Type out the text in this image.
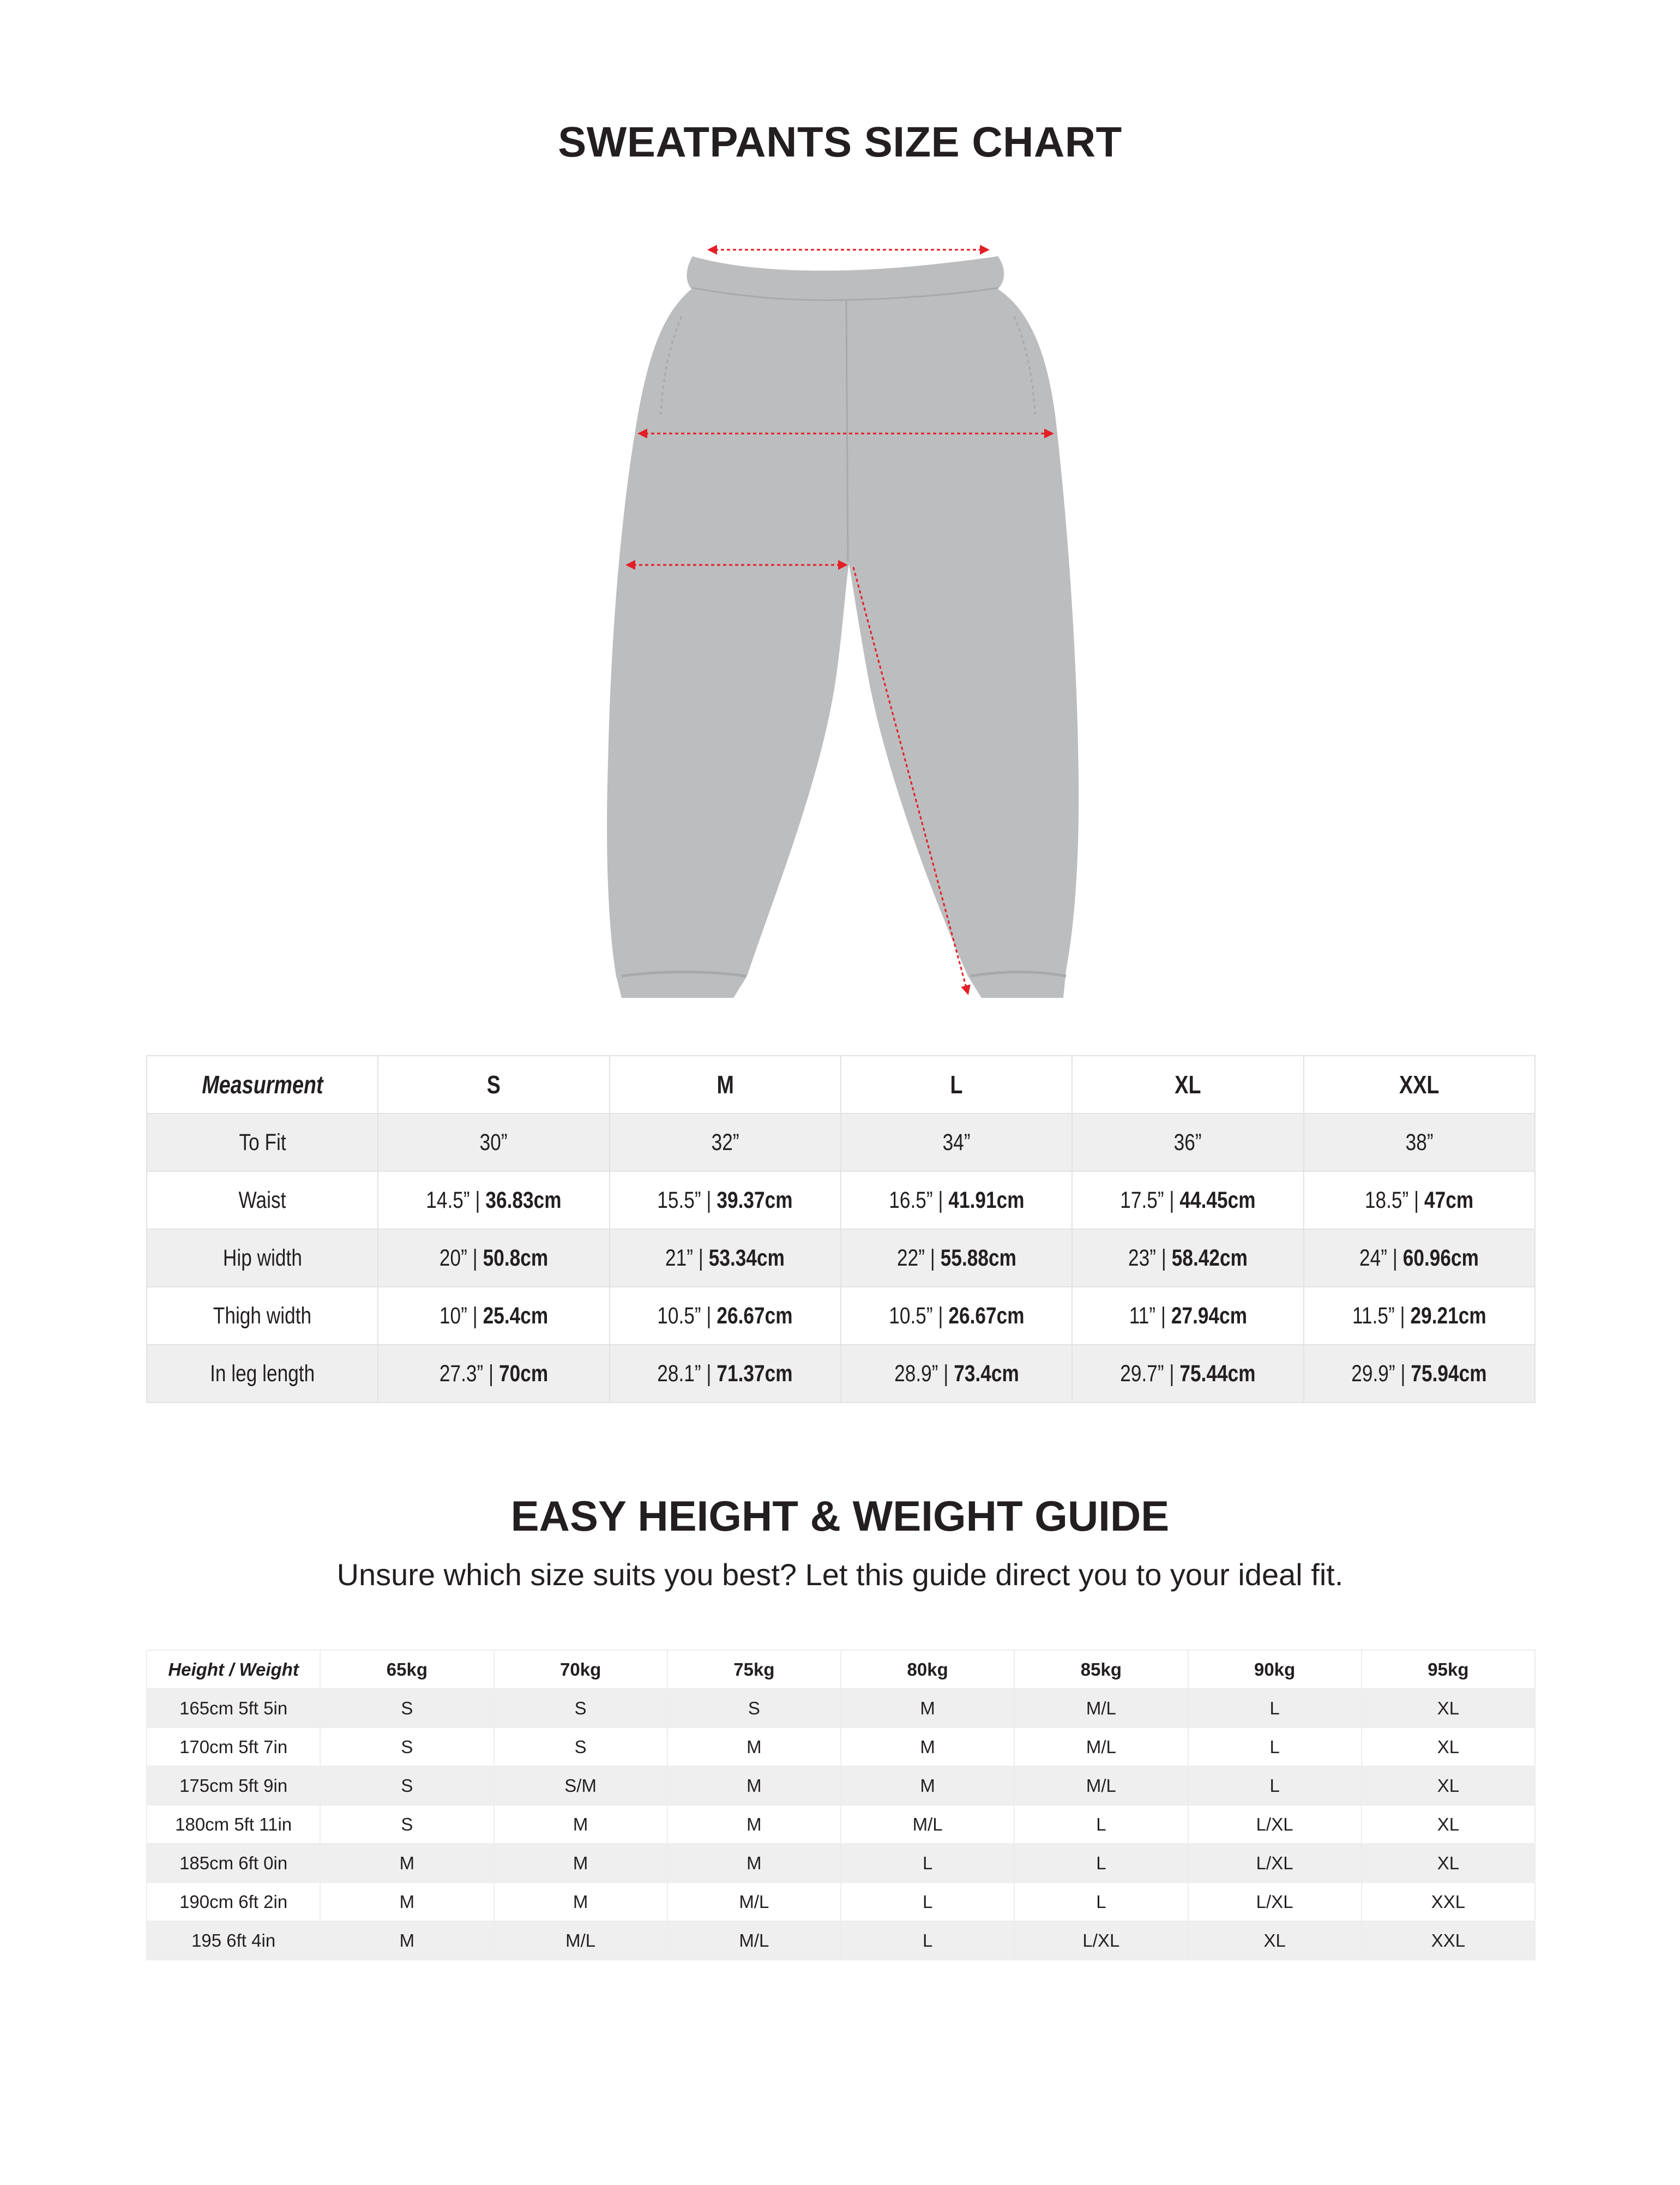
SWEATPANTS SIZE CHART
Measurment	S	M	L	XL	XXL
To Fit	30”	32”	34”	36”	38”
Waist	14.5” | 36.83cm	15.5” | 39.37cm	16.5” | 41.91cm	17.5” | 44.45cm	18.5” | 47cm
Hip width	20” | 50.8cm	21” | 53.34cm	22” | 55.88cm	23” | 58.42cm	24” | 60.96cm
Thigh width	10” | 25.4cm	10.5” | 26.67cm	10.5” | 26.67cm	11” | 27.94cm	11.5” | 29.21cm
In leg length	27.3” | 70cm	28.1” | 71.37cm	28.9” | 73.4cm	29.7” | 75.44cm	29.9” | 75.94cm
EASY HEIGHT & WEIGHT GUIDE
Unsure which size suits you best? Let this guide direct you to your ideal fit.
Height / Weight	65kg	70kg	75kg	80kg	85kg	90kg	95kg
165cm 5ft 5in	S	S	S	M	M/L	L	XL
170cm 5ft 7in	S	S	M	M	M/L	L	XL
175cm 5ft 9in	S	S/M	M	M	M/L	L	XL
180cm 5ft 11in	S	M	M	M/L	L	L/XL	XL
185cm 6ft 0in	M	M	M	L	L	L/XL	XL
190cm 6ft 2in	M	M	M/L	L	L	L/XL	XXL
195 6ft 4in	M	M/L	M/L	L	L/XL	XL	XXL
